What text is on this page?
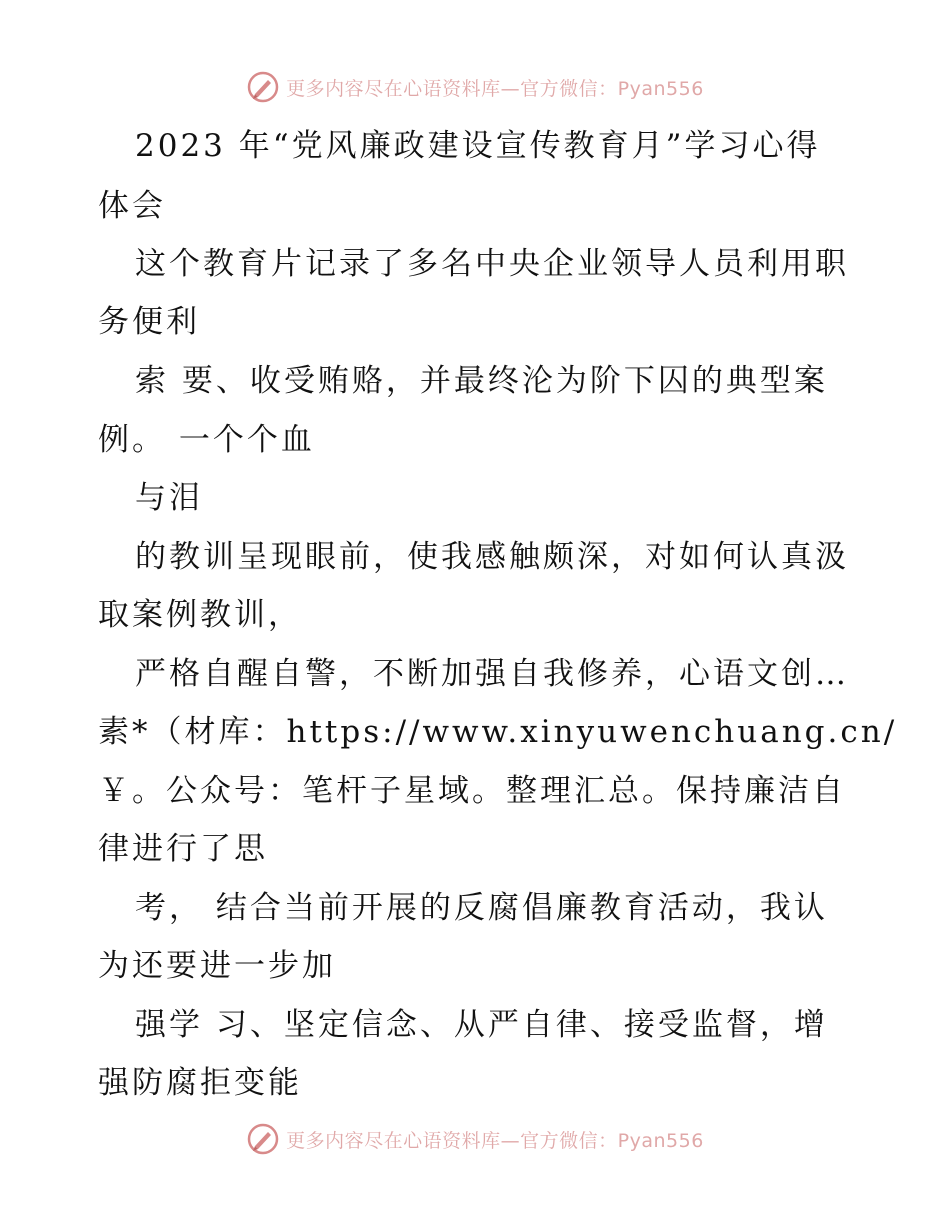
更多内容尽在心语资料库—官方微信：Pyan556
2023 年“党风廉政建设宣传教育月”学习心得
体会
这个教育片记录了多名中央企业领导人员利用职
务便利
索 要、收受贿赂，并最终沦为阶下囚的典型案
例。 一个个血
与泪
的教训呈现眼前，使我感触颇深，对如何认真汲
取案例教训，
严格自醒自警，不断加强自我修养，心语文创…
素*（材库：https://www.xinyuwenchuang.cn/
￥。公众号：笔杆子星域。整理汇总。保持廉洁自
律进行了思
考， 结合当前开展的反腐倡廉教育活动，我认
为还要进一步加
强学 习、坚定信念、从严自律、接受监督，增
强防腐拒变能
更多内容尽在心语资料库—官方微信：Pyan556
